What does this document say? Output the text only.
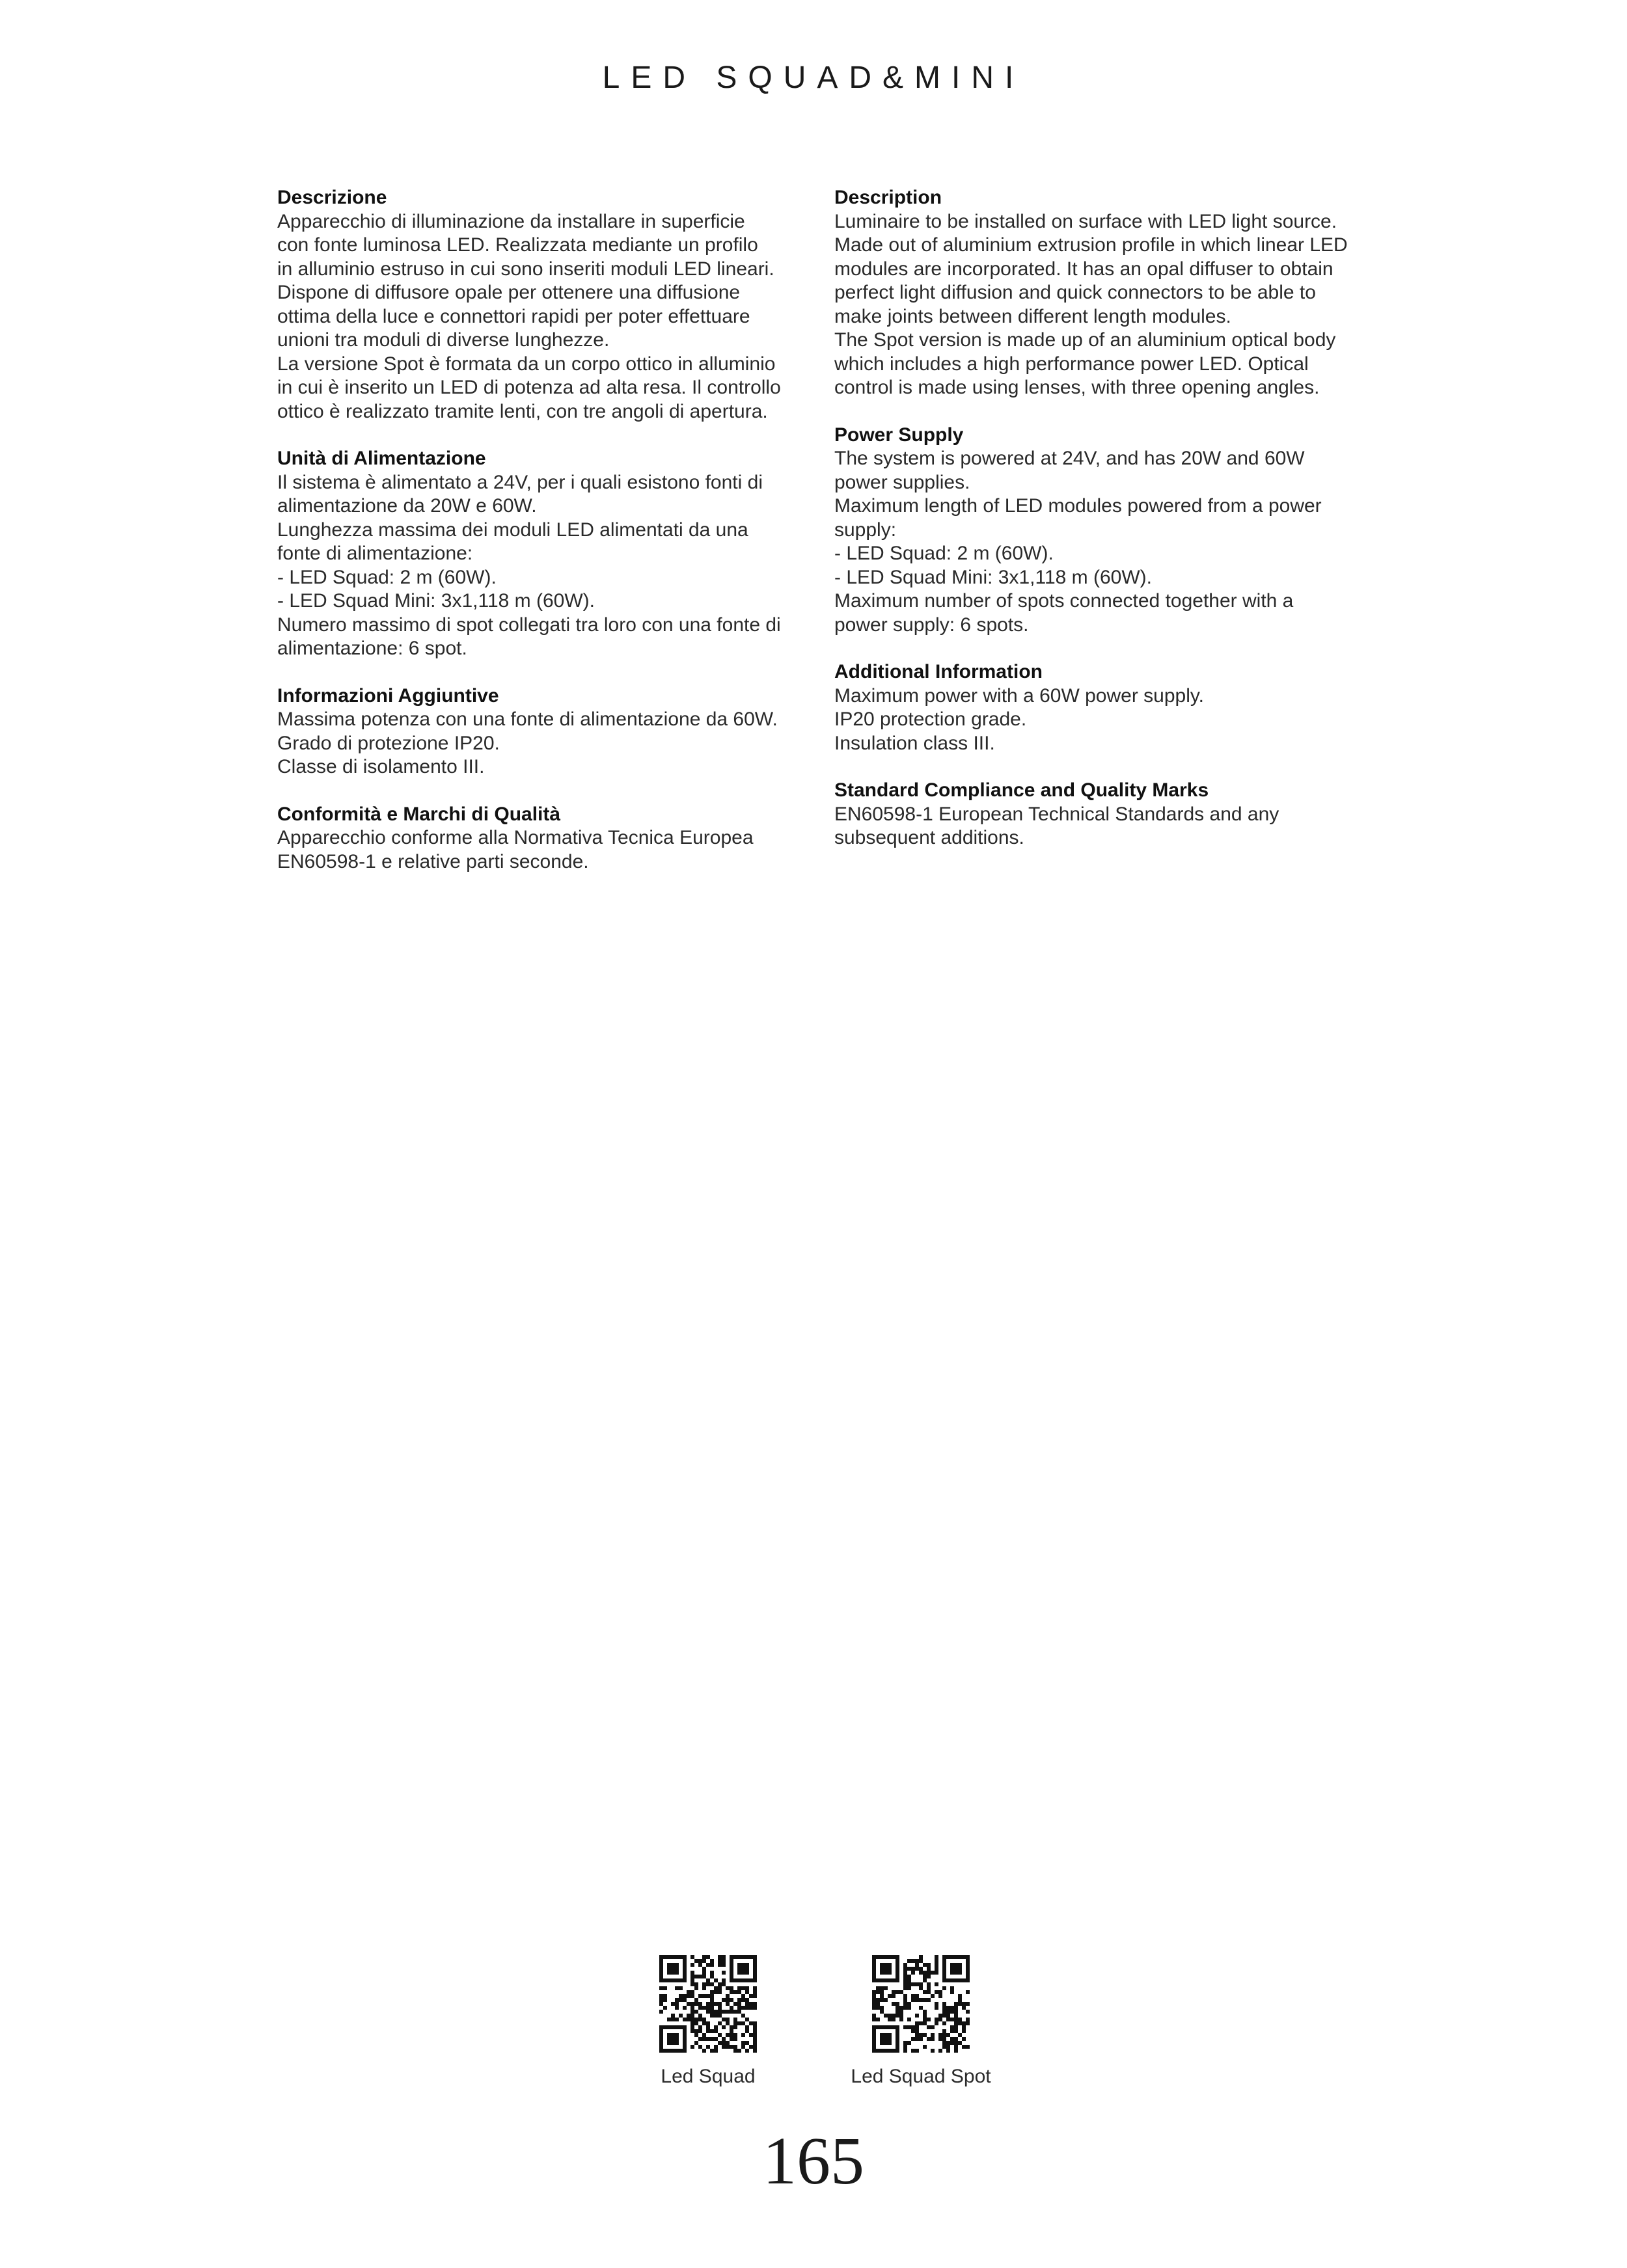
LED SQUAD&MINI

Descrizione

Apparecchio di illuminazione da installare in superficie

con fonte luminosa LED. Realizzata mediante un profilo

in alluminio estruso in cui sono inseriti moduli LED lineari.

Dispone di diffusore opale per ottenere una diffusione

ottima della luce e connettori rapidi per poter effettuare

unioni tra moduli di diverse lunghezze.

La versione Spot è formata da un corpo ottico in alluminio

in cui è inserito un LED di potenza ad alta resa. Il controllo

ottico è realizzato tramite lenti, con tre angoli di apertura.

Unità di Alimentazione

Il sistema è alimentato a 24V, per i quali esistono fonti di

alimentazione da 20W e 60W.

Lunghezza massima dei moduli LED alimentati da una

fonte di alimentazione:

- LED Squad: 2 m (60W).

- LED Squad Mini: 3x1,118 m (60W).

Numero massimo di spot collegati tra loro con una fonte di

alimentazione: 6 spot.

Informazioni Aggiuntive

Massima potenza con una fonte di alimentazione da 60W.

Grado di protezione IP20.

Classe di isolamento III.

Conformità e Marchi di Qualità

Apparecchio conforme alla Normativa Tecnica Europea

EN60598-1 e relative parti seconde.

Description

Luminaire to be installed on surface with LED light source.

Made out of aluminium extrusion profile in which linear LED

modules are incorporated. It has an opal diffuser to obtain

perfect light diffusion and quick connectors to be able to

make joints between different length modules.

The Spot version is made up of an aluminium optical body

which includes a high performance power LED. Optical

control is made using lenses, with three opening angles.

Power Supply

The system is powered at 24V, and has 20W and 60W

power supplies.

Maximum length of LED modules powered from a power

supply:

- LED Squad: 2 m (60W).

- LED Squad Mini: 3x1,118 m (60W).

Maximum number of spots connected together with a

power supply: 6 spots.

Additional Information

Maximum power with a 60W power supply.

IP20 protection grade.

Insulation class III.

Standard Compliance and Quality Marks

EN60598-1 European Technical Standards and any

subsequent additions.

Led Squad	Led Squad Spot
165
